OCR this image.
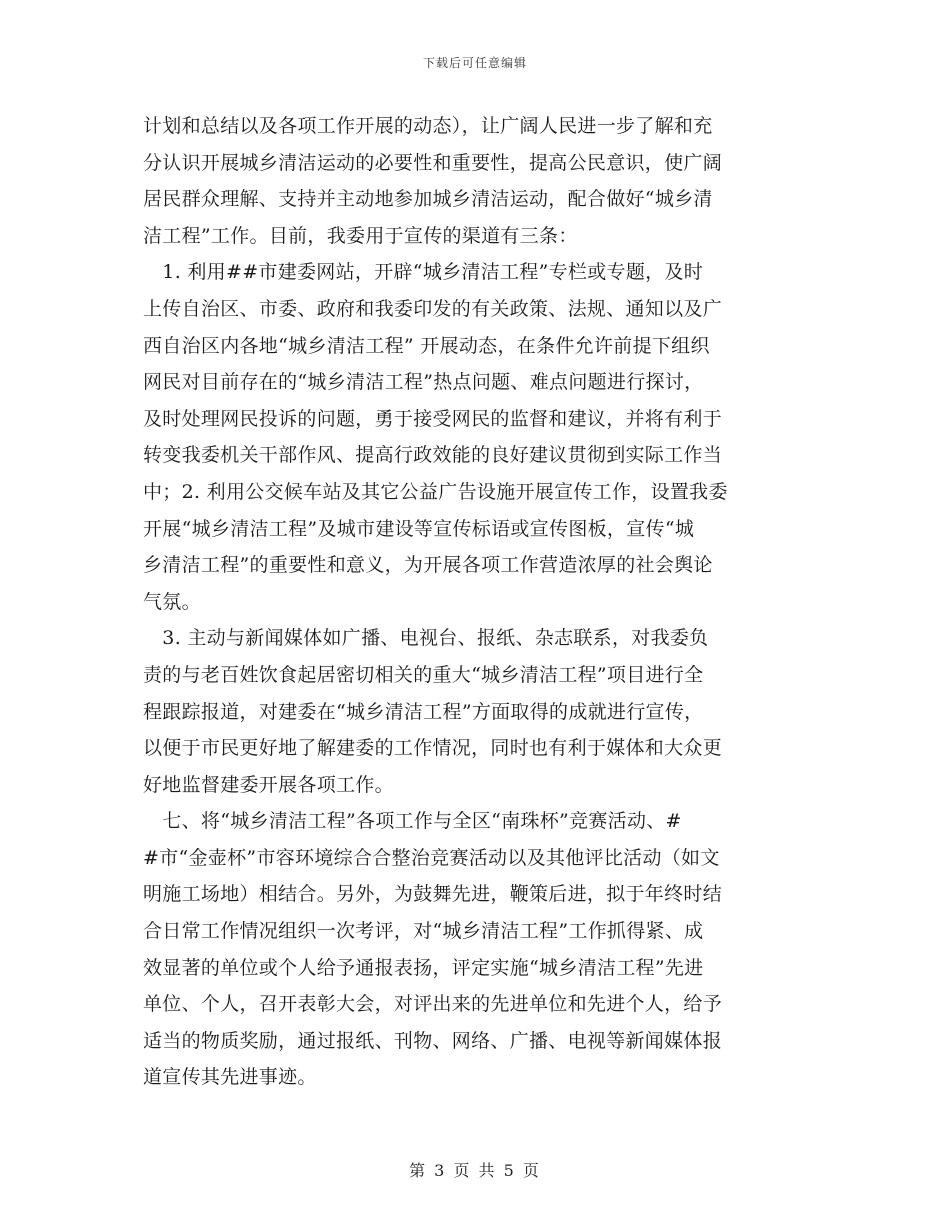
下载后可任意编辑
计划和总结以及各项工作开展的动态），让广阔人民进一步了解和充
分认识开展城乡清洁运动的必要性和重要性，提高公民意识，使广阔
居民群众理解、支持并主动地参加城乡清洁运动，配合做好“城乡清
洁工程”工作。目前，我委用于宣传的渠道有三条：
　1. 利用##市建委网站，开辟“城乡清洁工程”专栏或专题，及时
上传自治区、市委、政府和我委印发的有关政策、法规、通知以及广
西自治区内各地“城乡清洁工程” 开展动态，在条件允许前提下组织
网民对目前存在的“城乡清洁工程”热点问题、难点问题进行探讨，
及时处理网民投诉的问题，勇于接受网民的监督和建议，并将有利于
转变我委机关干部作风、提高行政效能的良好建议贯彻到实际工作当
中；2. 利用公交候车站及其它公益广告设施开展宣传工作，设置我委
开展“城乡清洁工程”及城市建设等宣传标语或宣传图板，宣传“城
乡清洁工程”的重要性和意义，为开展各项工作营造浓厚的社会舆论
气氛。
　3. 主动与新闻媒体如广播、电视台、报纸、杂志联系，对我委负
责的与老百姓饮食起居密切相关的重大“城乡清洁工程”项目进行全
程跟踪报道，对建委在“城乡清洁工程”方面取得的成就进行宣传，
以便于市民更好地了解建委的工作情况，同时也有利于媒体和大众更
好地监督建委开展各项工作。
　七、将“城乡清洁工程”各项工作与全区“南珠杯”竞赛活动、#
#市“金壶杯”市容环境综合合整治竞赛活动以及其他评比活动（如文
明施工场地）相结合。另外，为鼓舞先进，鞭策后进，拟于年终时结
合日常工作情况组织一次考评，对“城乡清洁工程”工作抓得紧、成
效显著的单位或个人给予通报表扬，评定实施“城乡清洁工程”先进
单位、个人，召开表彰大会，对评出来的先进单位和先进个人，给予
适当的物质奖励，通过报纸、刊物、网络、广播、电视等新闻媒体报
道宣传其先进事迹。
第 3 页 共 5 页
